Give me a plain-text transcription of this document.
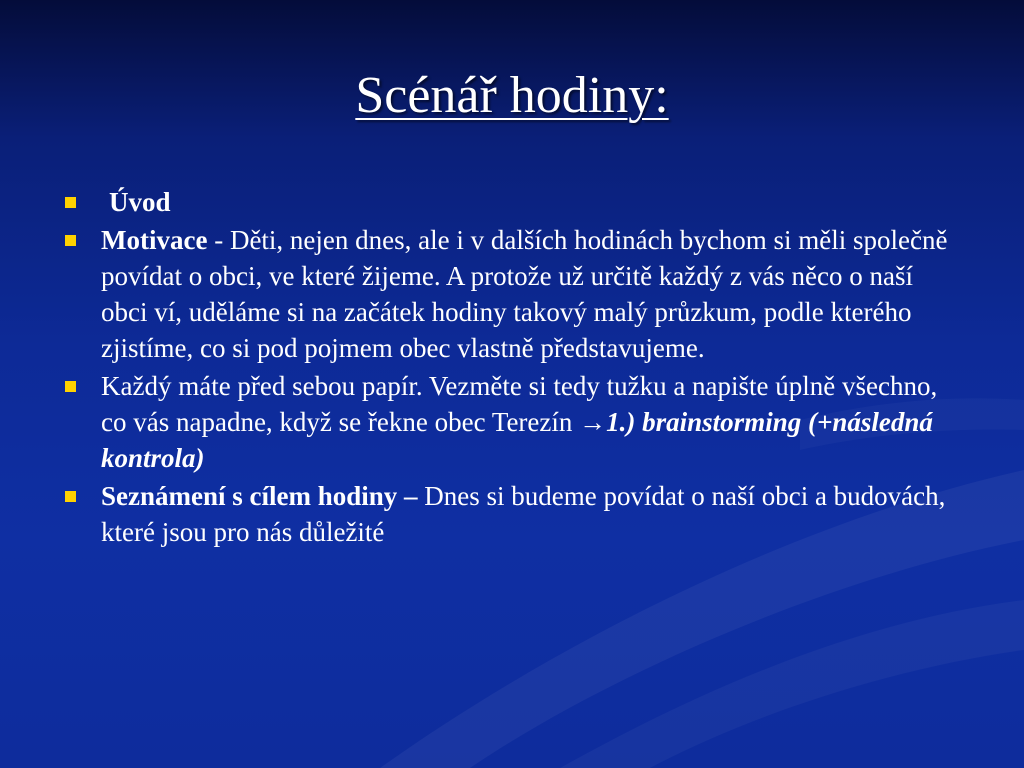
Scénář hodiny:
Úvod
Motivace - Děti, nejen dnes, ale i v dalších hodinách bychom si měli společně povídat o obci, ve které žijeme. A protože už určitě každý z vás něco o naší obci ví, uděláme si na začátek hodiny takový malý průzkum, podle kterého zjistíme, co si pod pojmem obec vlastně představujeme.
Každý máte před sebou papír. Vezměte si tedy tužku a napište úplně všechno, co vás napadne, když se řekne obec Terezín →1.) brainstorming (+následná kontrola)
Seznámení s cílem hodiny – Dnes si budeme povídat o naší obci a budovách, které jsou pro nás důležité
